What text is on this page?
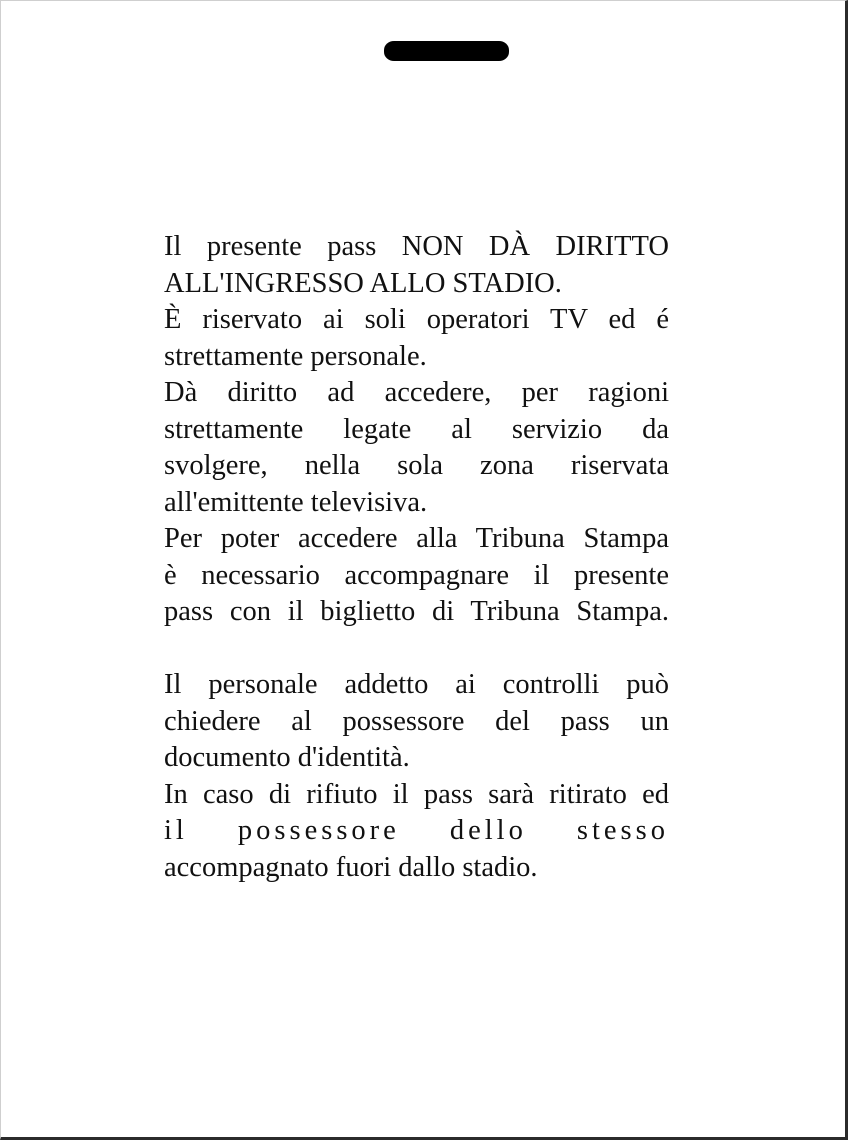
Il presente pass NON DÀ DIRITTO
ALL'INGRESSO ALLO STADIO.
È riservato ai soli operatori TV ed é
strettamente personale.
Dà diritto ad accedere, per ragioni
strettamente legate al servizio da
svolgere, nella sola zona riservata
all'emittente televisiva.
Per poter accedere alla Tribuna Stampa
è necessario accompagnare il presente
pass con il biglietto di Tribuna Stampa.
Il personale addetto ai controlli può
chiedere al possessore del pass un
documento d'identità.
In caso di rifiuto il pass sarà ritirato ed
il possessore dello stesso
accompagnato fuori dallo stadio.
